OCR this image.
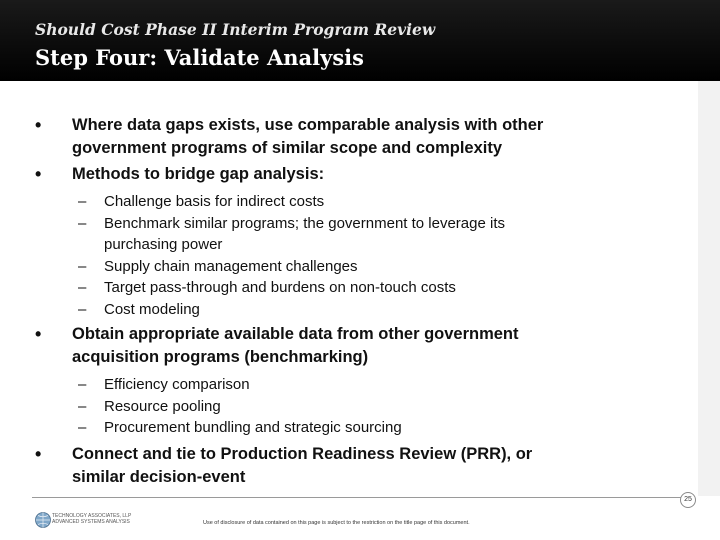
Should Cost Phase II Interim Program Review
Step Four: Validate Analysis
• Where data gaps exists, use comparable analysis with other
government programs of similar scope and complexity
• Methods to bridge gap analysis:
– Challenge basis for indirect costs
– Benchmark similar programs; the government to leverage its
purchasing power
– Supply chain management challenges
– Target pass-through and burdens on non-touch costs
– Cost modeling
• Obtain appropriate available data from other government
acquisition programs (benchmarking)
– Efficiency comparison
– Resource pooling
– Procurement bundling and strategic sourcing
• Connect and tie to Production Readiness Review (PRR), or
similar decision-event
25
TECHNOLOGY ASSOCIATES, LLP
ADVANCED SYSTEMS ANALYSIS	Use of disclosure of data contained on this page is subject to the restriction on the title page of this document.
